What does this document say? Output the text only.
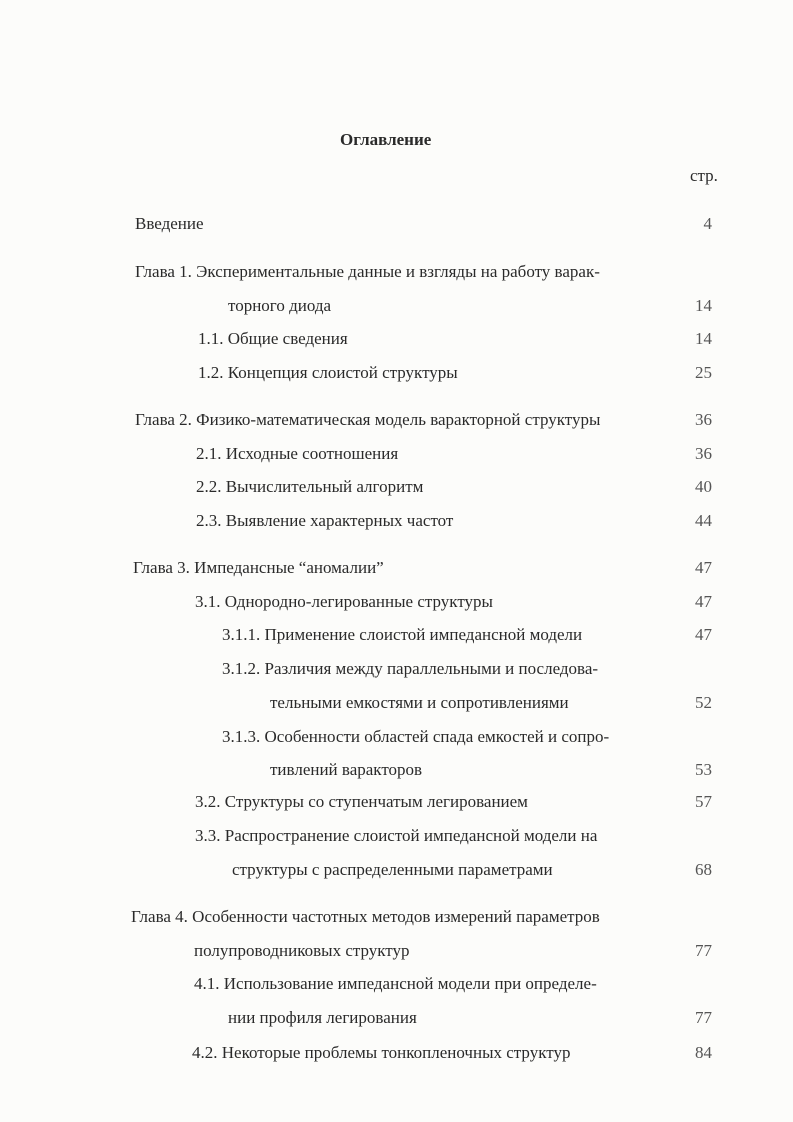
Оглавление
стр.
Введение	4
Глава 1. Экспериментальные данные и взгляды на работу варак-
торного диода	14
1.1. Общие сведения	14
1.2. Концепция слоистой структуры	25
Глава 2. Физико-математическая модель варакторной структуры	36
2.1. Исходные соотношения	36
2.2. Вычислительный алгоритм	40
2.3. Выявление характерных частот	44
Глава 3. Импедансные “аномалии”	47
3.1. Однородно-легированные структуры	47
3.1.1. Применение слоистой импедансной модели	47
3.1.2. Различия между параллельными и последова-
тельными емкостями и сопротивлениями	52
3.1.3. Особенности областей спада емкостей и сопро-
тивлений варакторов	53
3.2. Структуры со ступенчатым легированием	57
3.3. Распространение слоистой импедансной модели на
структуры с распределенными параметрами	68
Глава 4. Особенности частотных методов измерений параметров
полупроводниковых структур	77
4.1. Использование импедансной модели при определе-
нии профиля легирования	77
4.2. Некоторые проблемы тонкопленочных структур	84
